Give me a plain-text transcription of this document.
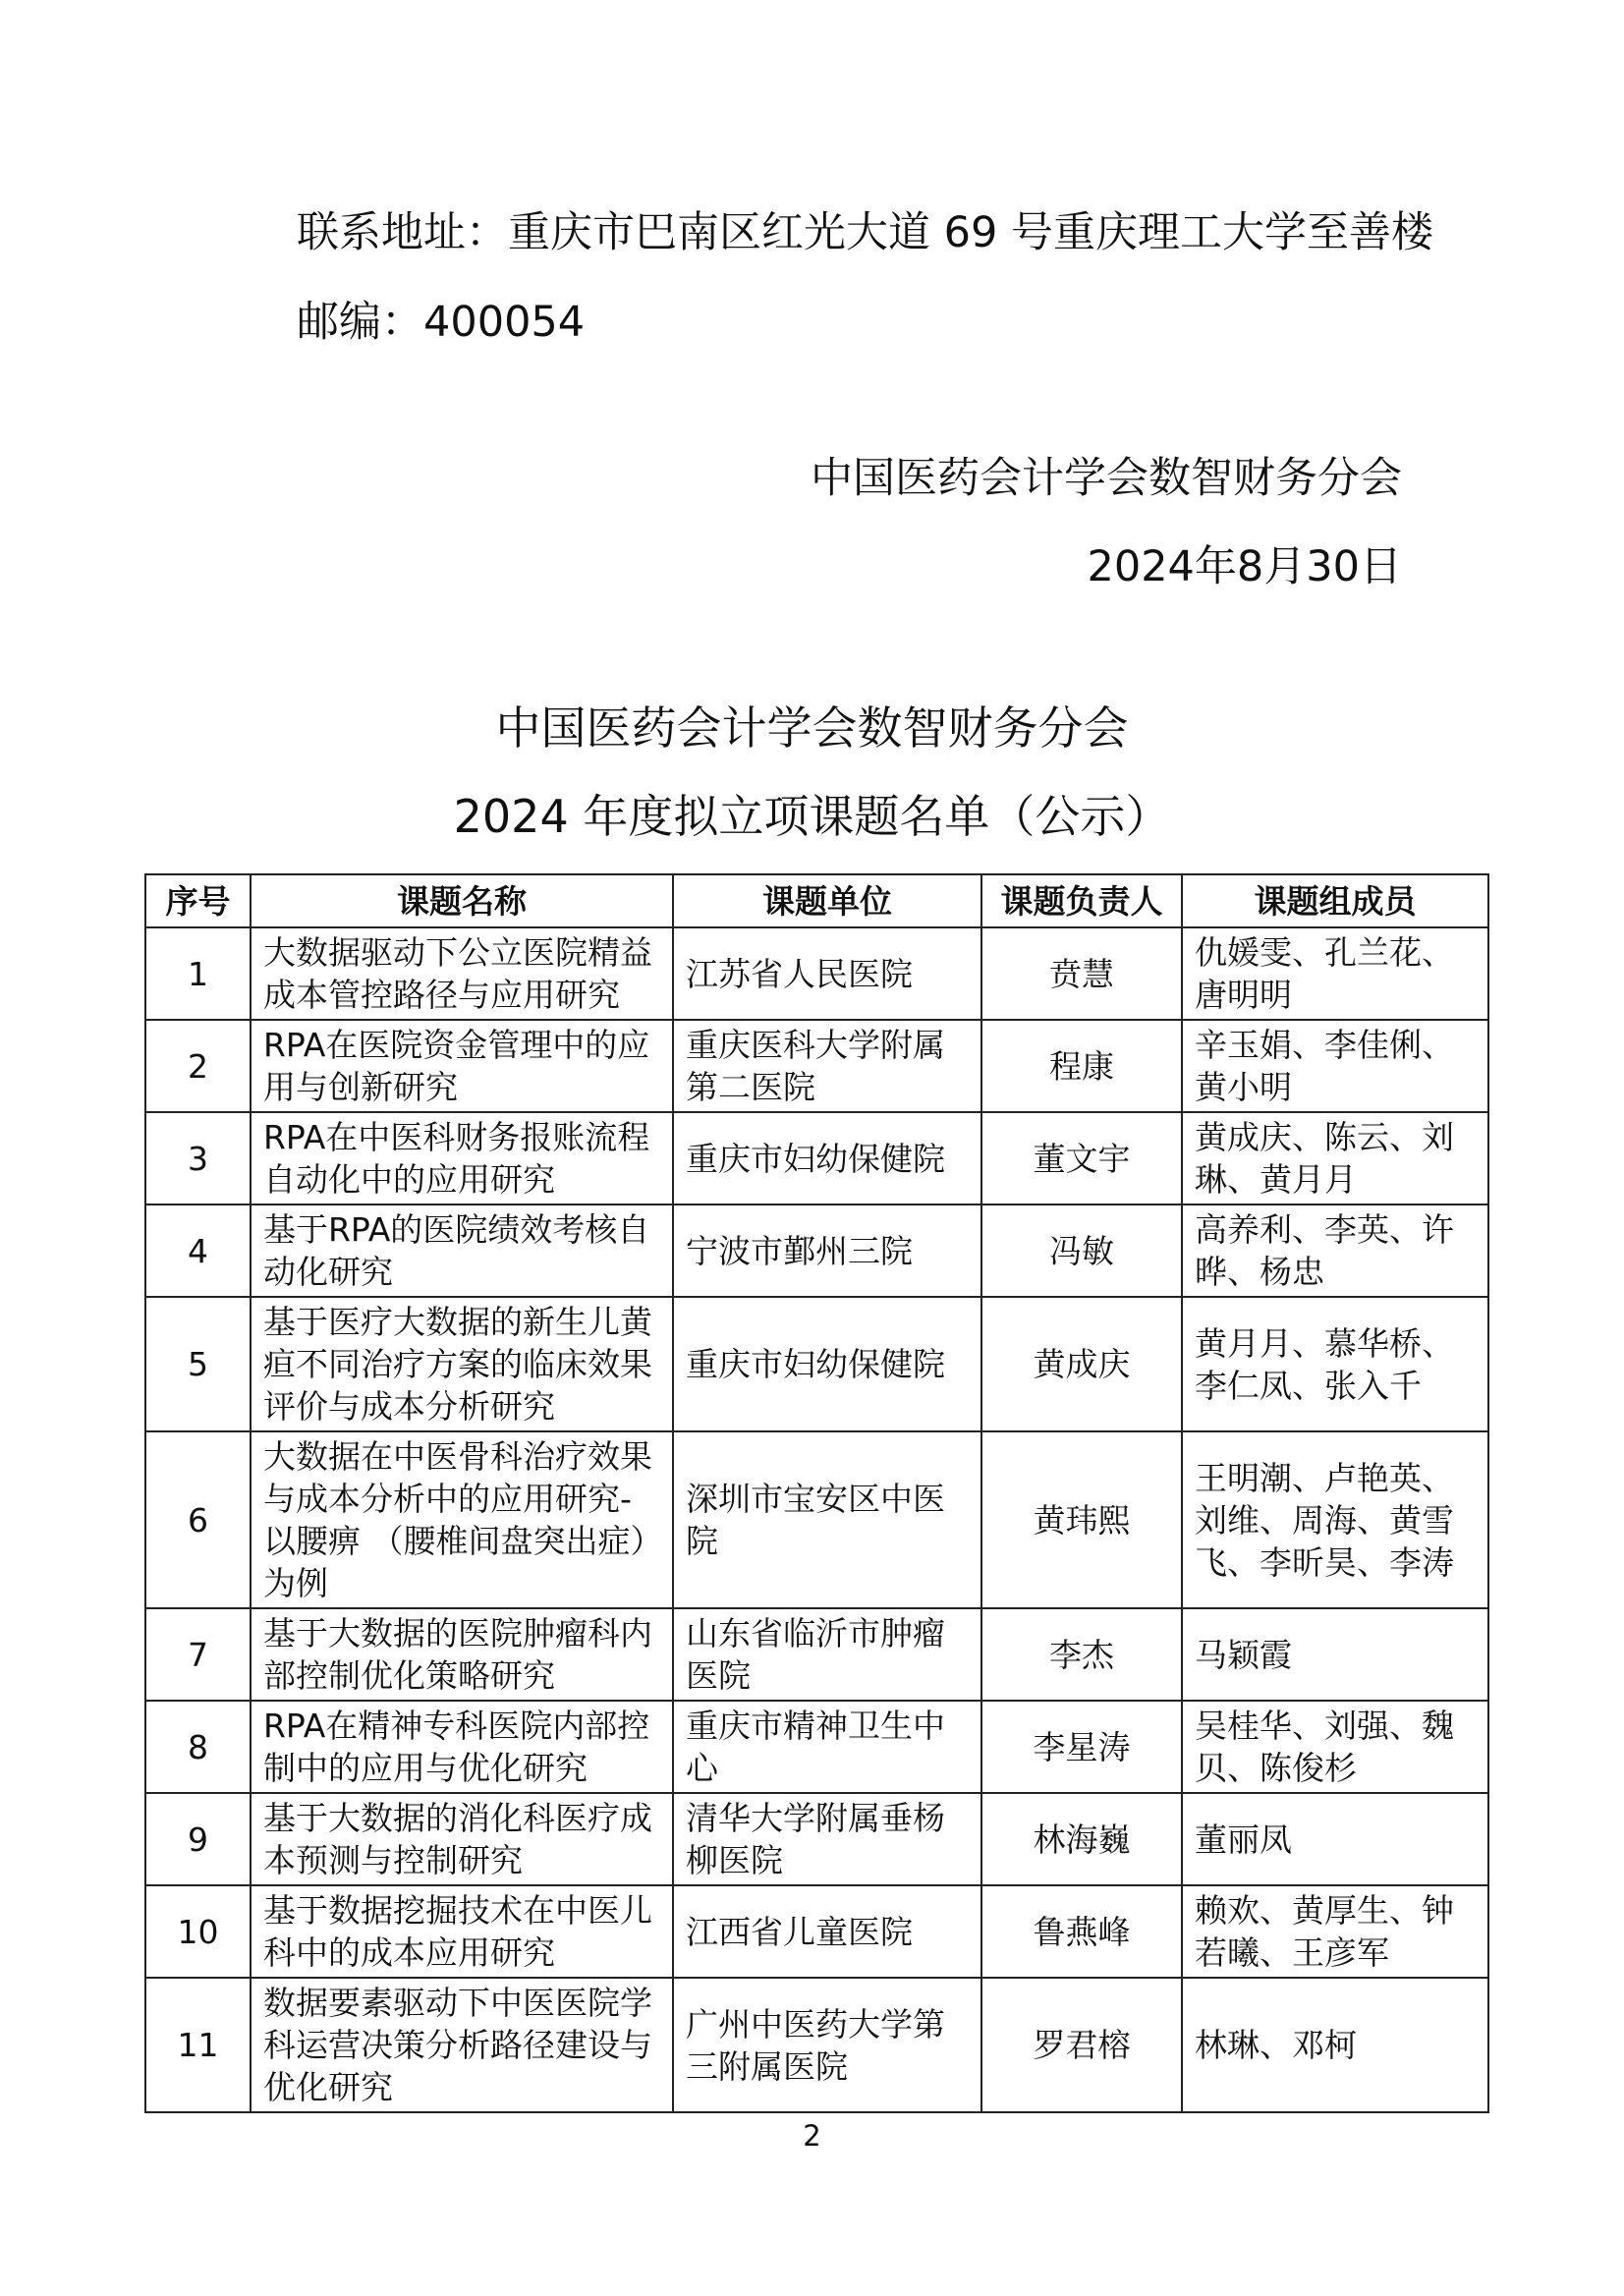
联系地址：重庆市巴南区红光大道 69 号重庆理工大学至善楼
邮编：400054
中国医药会计学会数智财务分会
2024年8月30日
中国医药会计学会数智财务分会
2024 年度拟立项课题名单（公示）
序号	课题名称	课题单位	课题负责人	课题组成员
1	大数据驱动下公立医院精益成本管控路径与应用研究	江苏省人民医院	贲慧	仇媛雯、孔兰花、唐明明
2	RPA在医院资金管理中的应用与创新研究	重庆医科大学附属第二医院	程康	辛玉娟、李佳俐、黄小明
3	RPA在中医科财务报账流程自动化中的应用研究	重庆市妇幼保健院	董文宇	黄成庆、陈云、刘琳、黄月月
4	基于RPA的医院绩效考核自动化研究	宁波市鄞州三院	冯敏	高养利、李英、许晔、杨忠
5	基于医疗大数据的新生儿黄疸不同治疗方案的临床效果评价与成本分析研究	重庆市妇幼保健院	黄成庆	黄月月、慕华桥、李仁凤、张入千
6	大数据在中医骨科治疗效果与成本分析中的应用研究-以腰痹 （腰椎间盘突出症）为例	深圳市宝安区中医院	黄玮熙	王明潮、卢艳英、刘维、周海、黄雪飞、李昕昊、李涛
7	基于大数据的医院肿瘤科内部控制优化策略研究	山东省临沂市肿瘤医院	李杰	马颖霞
8	RPA在精神专科医院内部控制中的应用与优化研究	重庆市精神卫生中心	李星涛	吴桂华、刘强、魏贝、陈俊杉
9	基于大数据的消化科医疗成本预测与控制研究	清华大学附属垂杨柳医院	林海巍	董丽凤
10	基于数据挖掘技术在中医儿科中的成本应用研究	江西省儿童医院	鲁燕峰	赖欢、黄厚生、钟若曦、王彦军
11	数据要素驱动下中医医院学科运营决策分析路径建设与优化研究	广州中医药大学第三附属医院	罗君榕	林琳、邓柯
2
